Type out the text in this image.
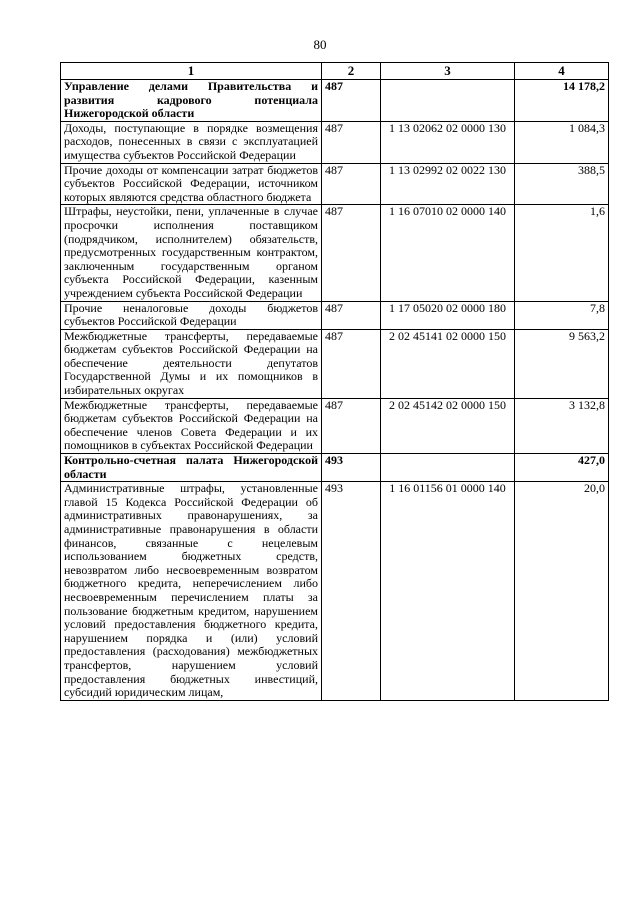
80
1	2	3	4
Управление делами Правительства и развития кадрового потенциала Нижегородской области	487		14 178,2
Доходы, поступающие в порядке возмещения расходов, понесенных в связи с эксплуатацией имущества субъектов Российской Федерации	487	1 13 02062 02 0000 130	1 084,3
Прочие доходы от компенсации затрат бюджетов субъектов Российской Федерации, источником которых являются средства областного бюджета	487	1 13 02992 02 0022 130	388,5
Штрафы, неустойки, пени, уплаченные в случае просрочки исполнения поставщиком (подрядчиком, исполнителем) обязательств, предусмотренных государственным контрактом, заключенным государственным органом субъекта Российской Федерации, казенным учреждением субъекта Российской Федерации	487	1 16 07010 02 0000 140	1,6
Прочие неналоговые доходы бюджетов субъектов Российской Федерации	487	1 17 05020 02 0000 180	7,8
Межбюджетные трансферты, передаваемые бюджетам субъектов Российской Федерации на обеспечение деятельности депутатов Государственной Думы и их помощников в избирательных округах	487	2 02 45141 02 0000 150	9 563,2
Межбюджетные трансферты, передаваемые бюджетам субъектов Российской Федерации на обеспечение членов Совета Федерации и их помощников в субъектах Российской Федерации	487	2 02 45142 02 0000 150	3 132,8
Контрольно-счетная палата Нижегородской области	493		427,0
Административные штрафы, установленные главой 15 Кодекса Российской Федерации об административных правонарушениях, за административные правонарушения в области финансов, связанные с нецелевым использованием бюджетных средств, невозвратом либо несвоевременным возвратом бюджетного кредита, неперечислением либо несвоевременным перечислением платы за пользование бюджетным кредитом, нарушением условий предоставления бюджетного кредита, нарушением порядка и (или) условий предоставления (расходования) межбюджетных трансфертов, нарушением условий предоставления бюджетных инвестиций, субсидий юридическим лицам,	493	1 16 01156 01 0000 140	20,0
